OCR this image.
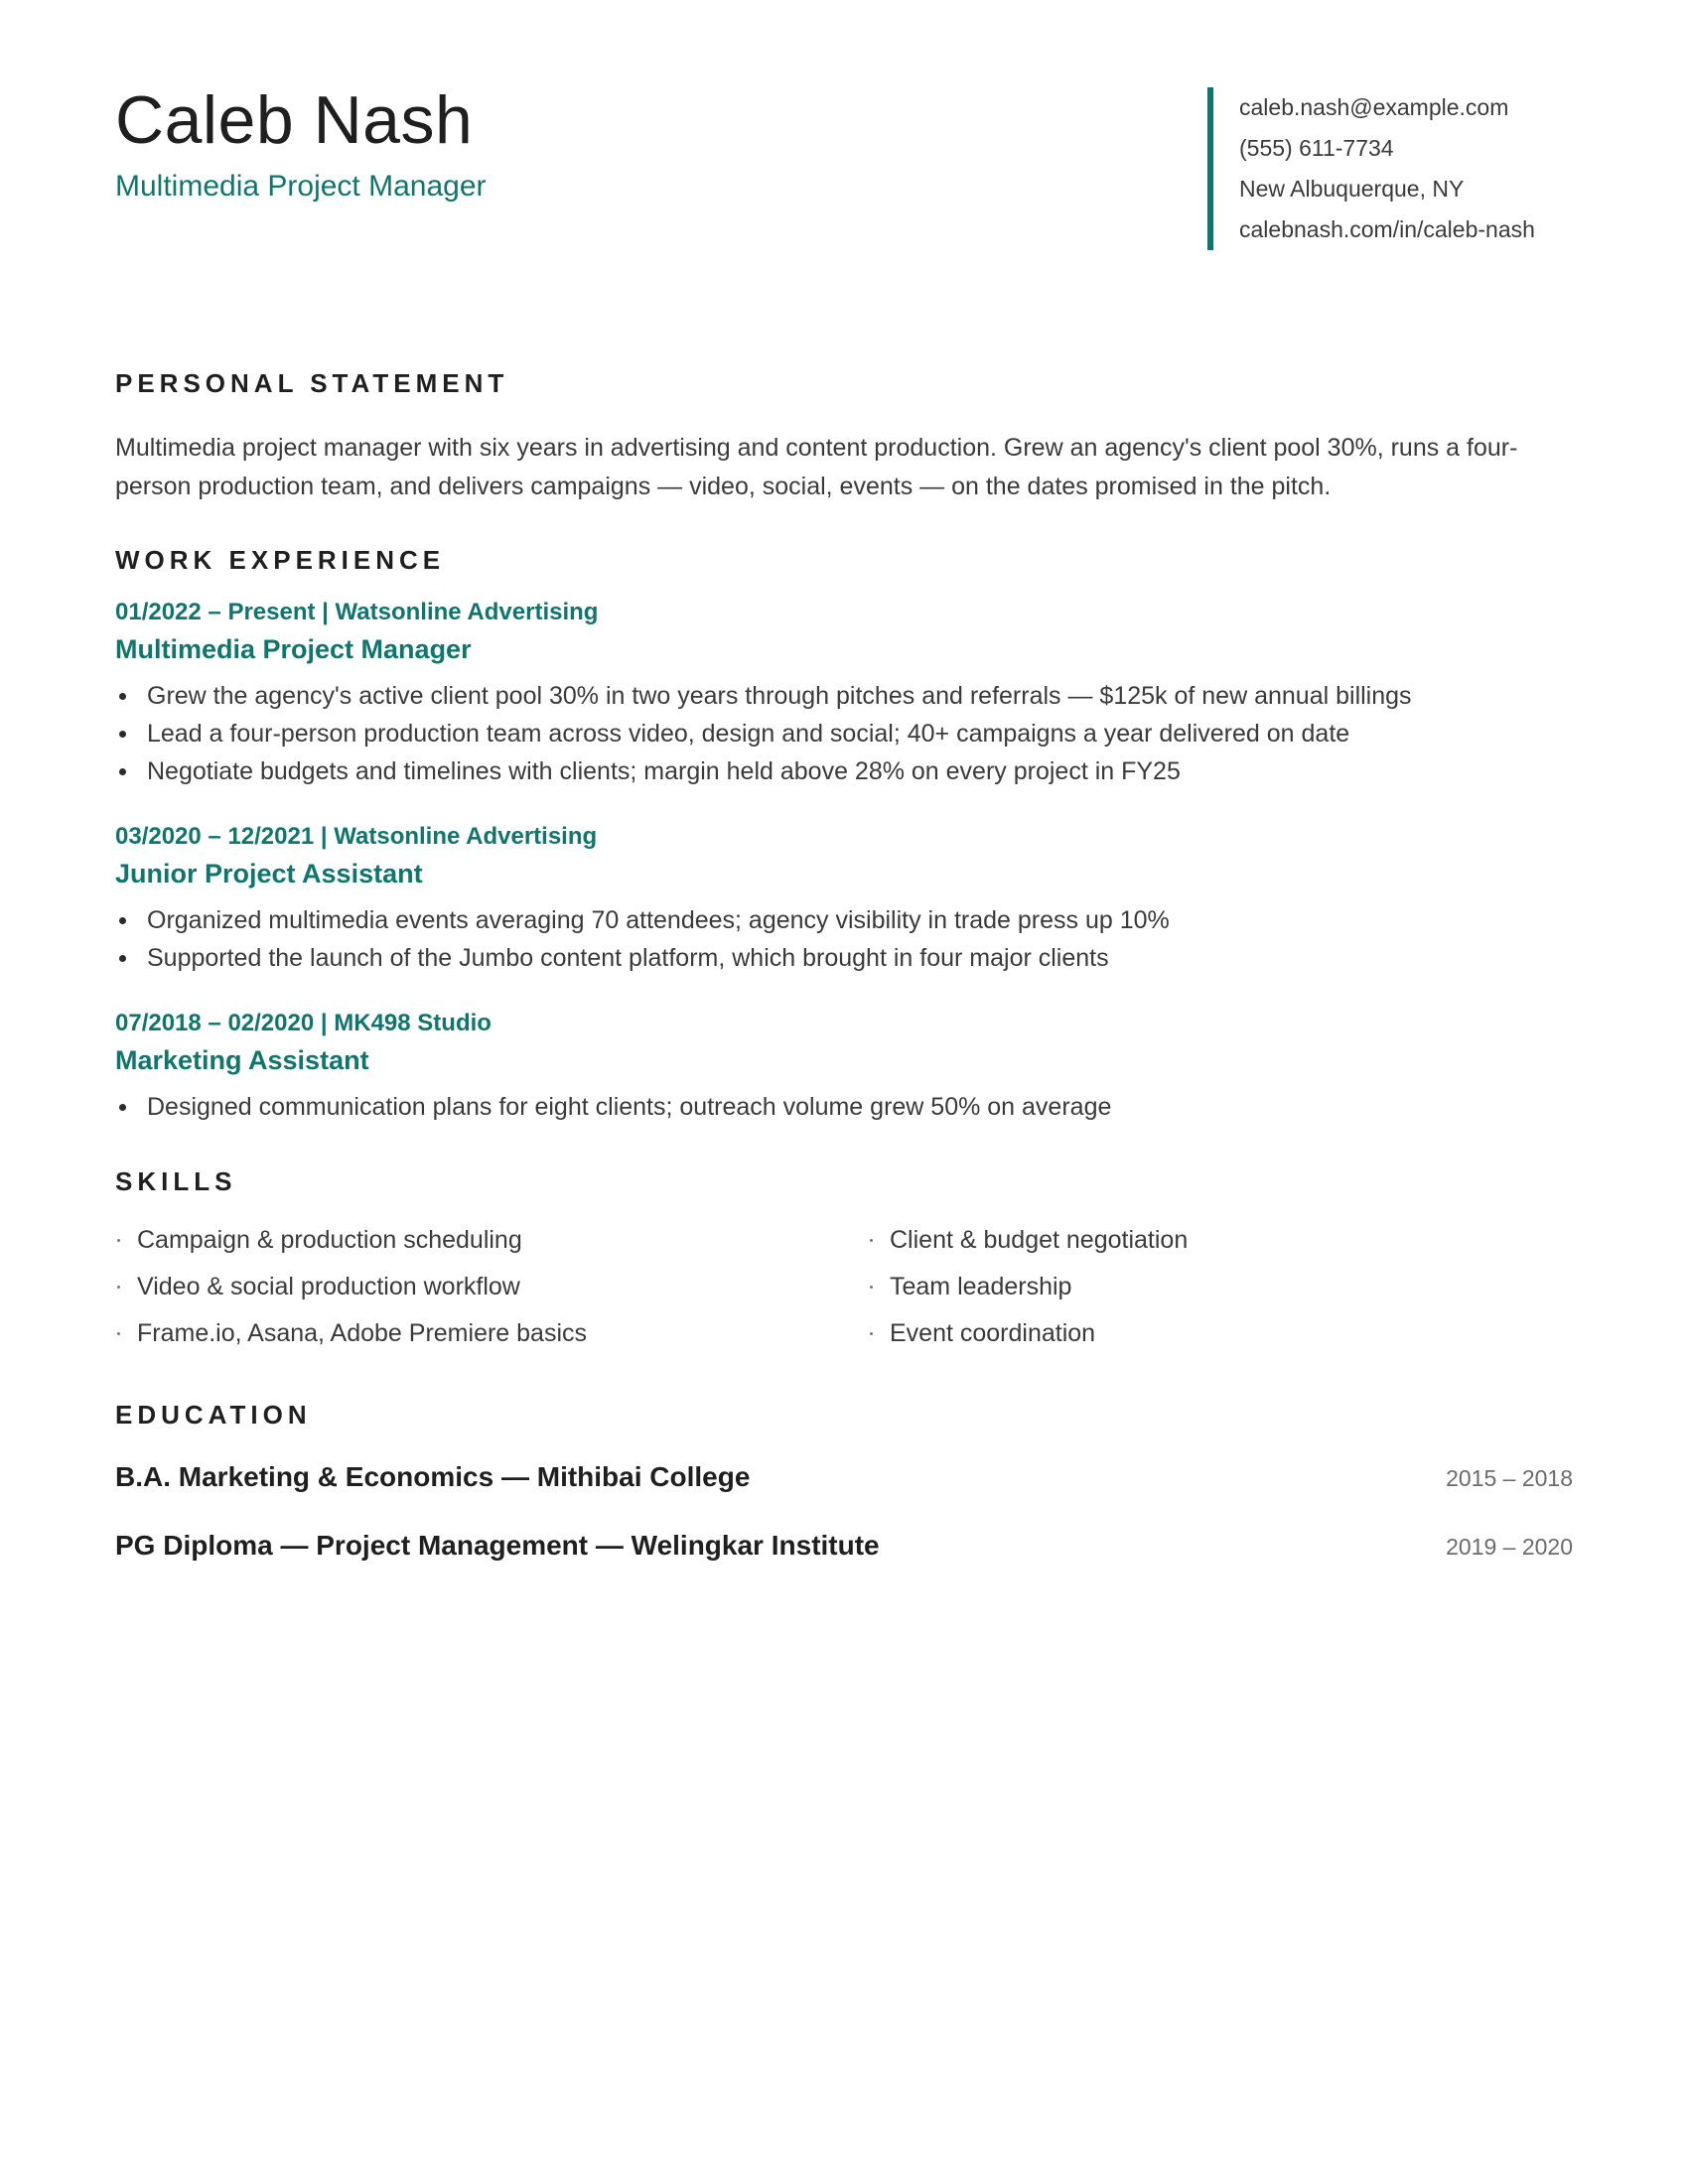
Caleb Nash
Multimedia Project Manager
caleb.nash@example.com
(555) 611-7734
New Albuquerque, NY
calebnash.com/in/caleb-nash
PERSONAL STATEMENT

Multimedia project manager with six years in advertising and content production. Grew an agency's client pool 30%, runs a four-person production team, and delivers campaigns — video, social, events — on the dates promised in the pitch.

WORK EXPERIENCE
01/2022 – Present | Watsonline Advertising
Multimedia Project Manager
Grew the agency's active client pool 30% in two years through pitches and referrals — $125k of new annual billings
Lead a four-person production team across video, design and social; 40+ campaigns a year delivered on date
Negotiate budgets and timelines with clients; margin held above 28% on every project in FY25
03/2020 – 12/2021 | Watsonline Advertising
Junior Project Assistant
Organized multimedia events averaging 70 attendees; agency visibility in trade press up 10%
Supported the launch of the Jumbo content platform, which brought in four major clients
07/2018 – 02/2020 | MK498 Studio
Marketing Assistant
Designed communication plans for eight clients; outreach volume grew 50% on average
SKILLS
Campaign & production scheduling	Client & budget negotiation
Video & social production workflow	Team leadership
Frame.io, Asana, Adobe Premiere basics	Event coordination
EDUCATION
B.A. Marketing & Economics — Mithibai College	2015 – 2018
PG Diploma — Project Management — Welingkar Institute	2019 – 2020
